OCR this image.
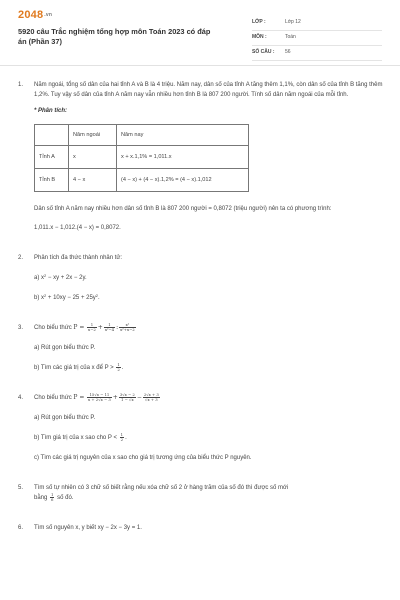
2048.vn
5920 câu Trắc nghiệm tổng hợp môn Toán 2023 có đáp án (Phần 37)
LỚP :	Lớp 12
MÔN :	Toán
SỐ CÂU : 56
1. Năm ngoái, tổng số dân của hai tỉnh A và B là 4 triệu. Năm nay, dân số của tỉnh A tăng thêm 1,1%, còn dân số của tỉnh B tăng thêm 1,2%. Tuy vậy số dân của tỉnh A năm nay vẫn nhiều hơn tỉnh B là 807 200 người. Tính số dân năm ngoái của mỗi tỉnh.
* Phân tích:
	Năm ngoái	Năm nay
Tỉnh A	x	x + x.1,1% = 1,011.x
Tỉnh B	4 − x	(4 − x) + (4 − x).1,2% = (4 − x).1,012
Dân số tỉnh A năm nay nhiều hơn dân số tỉnh B là 807 200 người = 0,8072 (triệu người) nên ta có phương trình:
1,011.x − 1,012.(4 − x) = 0,8072.
2. Phân tích đa thức thành nhân tử:
a) $x^2$ − xy + 2x − 2y.
b) $x^2 + 10xy - 25 + 25y^2$.
3. Cho biểu thức $P = \frac{1}{x-2} + \frac{1}{\text{x²−4}}$ : $\frac{\text{x²}}{\text{x²+x−2}}$
a) Rút gọn biểu thức P.
b) Tìm các giá trị của x để $P > \frac{1}{2}$ .
4. Cho biểu thức $P = \frac{15√x - 11}{x + 2√x - 3} + \frac{3√x - 2}{1 - √x} - \frac{2√x + 3}{√x + 3}$
a) Rút gọn biểu thức P.
b) Tìm giá trị của x sao cho $P < \frac{1}{2}$ .
c) Tìm các giá trị nguyên của x sao cho giá trị tương ứng của biểu thức P nguyên.
5. Tìm số tự nhiên có 3 chữ số biết rằng nếu xóa chữ số 2 ở hàng trăm của số đó thì được số mới
bằng $\frac{1}{6}$ số đó.
6. Tìm số nguyên x, y biết xy − 2x − 3y = 1.
